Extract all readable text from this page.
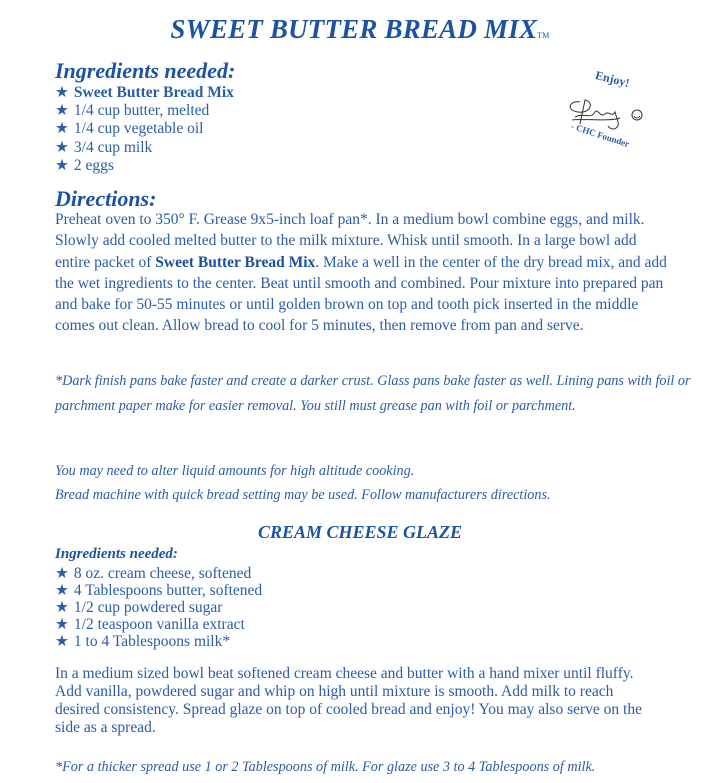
SWEET BUTTER BREAD MIXTM
Enjoy!
- CHC Founder
Ingredients needed:
★ Sweet Butter Bread Mix
★ 1/4 cup butter, melted
★ 1/4 cup vegetable oil
★ 3/4 cup milk
★ 2 eggs
Directions:

Preheat oven to 350° F. Grease 9x5-inch loaf pan*. In a medium bowl combine eggs, and milk. Slowly add cooled melted butter to the milk mixture. Whisk until smooth. In a large bowl add entire packet of Sweet Butter Bread Mix. Make a well in the center of the dry bread mix, and add the wet ingredients to the center. Beat until smooth and combined. Pour mixture into prepared pan and bake for 50-55 minutes or until golden brown on top and tooth pick inserted in the middle comes out clean. Allow bread to cool for 5 minutes, then remove from pan and serve.

*Dark finish pans bake faster and create a darker crust. Glass pans bake faster as well. Lining pans with foil or parchment paper make for easier removal. You still must grease pan with foil or parchment.

You may need to alter liquid amounts for high altitude cooking.

Bread machine with quick bread setting may be used. Follow manufacturers directions.

CREAM CHEESE GLAZE
Ingredients needed:
★ 8 oz. cream cheese, softened
★ 4 Tablespoons butter, softened
★ 1/2 cup powdered sugar
★ 1/2 teaspoon vanilla extract
★ 1 to 4 Tablespoons milk*

In a medium sized bowl beat softened cream cheese and butter with a hand mixer until fluffy. Add vanilla, powdered sugar and whip on high until mixture is smooth. Add milk to reach desired consistency. Spread glaze on top of cooled bread and enjoy! You may also serve on the side as a spread.

*For a thicker spread use 1 or 2 Tablespoons of milk. For glaze use 3 to 4 Tablespoons of milk.
